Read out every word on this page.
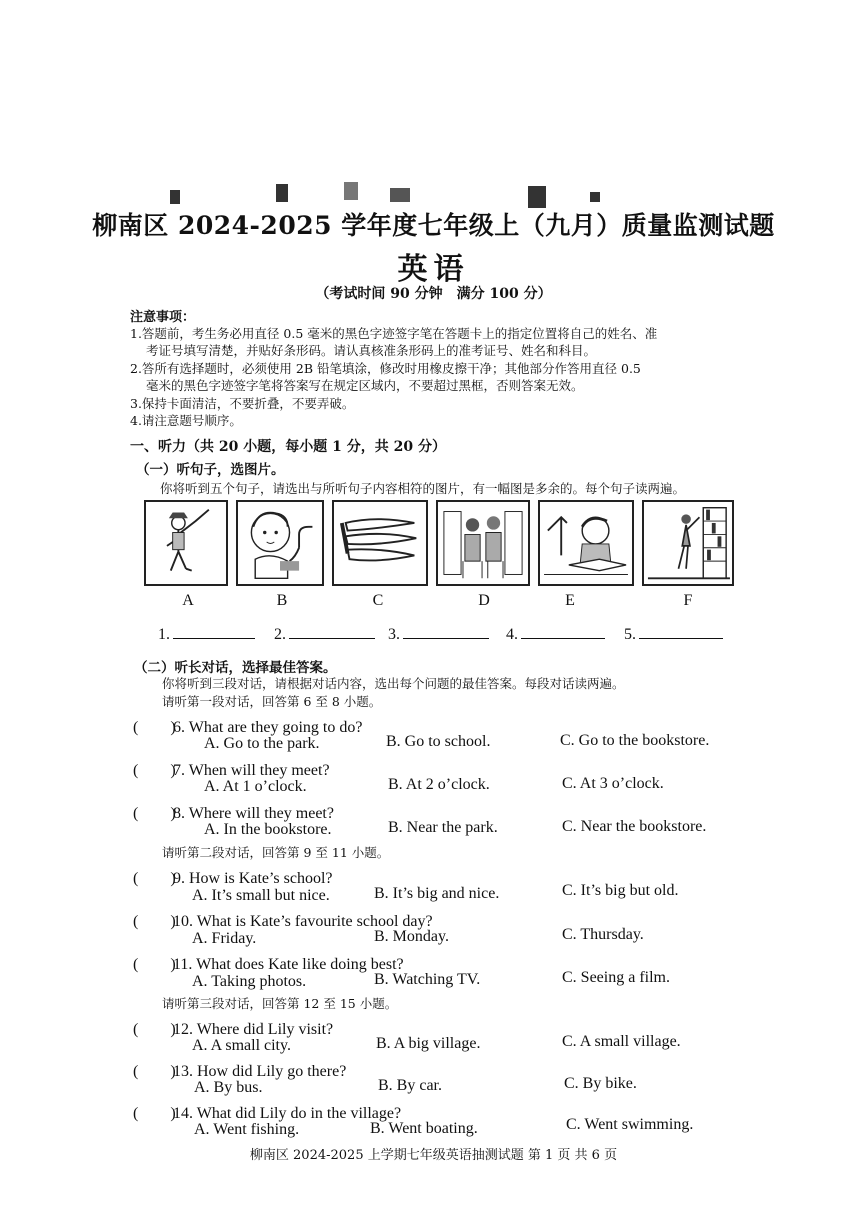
柳南区 2024-2025 学年度七年级上（九月）质量监测试题
英语
（考试时间 90 分钟　满分 100 分）
注意事项：
1.答题前，考生务必用直径 0.5 毫米的黑色字迹签字笔在答题卡上的指定位置将自己的姓名、准
考证号填写清楚，并贴好条形码。请认真核准条形码上的准考证号、姓名和科目。
2.答所有选择题时，必须使用 2B 铅笔填涂，修改时用橡皮擦干净；其他部分作答用直径 0.5
毫米的黑色字迹签字笔将答案写在规定区域内，不要超过黑框，否则答案无效。
3.保持卡面清洁，不要折叠，不要弄破。
4.请注意题号顺序。
一、听力（共 20 小题，每小题 1 分，共 20 分）
（一）听句子，选图片。
你将听到五个句子，请选出与所听句子内容相符的图片，有一幅图是多余的。每个句子读两遍。
A	B	C	D	E	F
1.	2.	3.	4.	5.
（二）听长对话，选择最佳答案。
你将听到三段对话，请根据对话内容，选出每个问题的最佳答案。每段对话读两遍。
请听第一段对话，回答第 6 至 8 小题。
(　　)6. What are they going to do?
A. Go to the park.	B. Go to school.	C. Go to the bookstore.
(　　)7. When will they meet?
A. At 1 o’clock.	B. At 2 o’clock.	C. At 3 o’clock.
(　　)8. Where will they meet?
A. In the bookstore.	B. Near the park.	C. Near the bookstore.
请听第二段对话，回答第 9 至 11 小题。
(　　)9. How is Kate’s school?
A. It’s small but nice.	B. It’s big and nice.	C. It’s big but old.
(　　)10. What is Kate’s favourite school day?
A. Friday.	B. Monday.	C. Thursday.
(　　)11. What does Kate like doing best?
A. Taking photos.	B. Watching TV.	C. Seeing a film.
请听第三段对话，回答第 12 至 15 小题。
(　　)12. Where did Lily visit?
A. A small city.	B. A big village.	C. A small village.
(　　)13. How did Lily go there?
A. By bus.	B. By car.	C. By bike.
(　　)14. What did Lily do in the village?
A. Went fishing.	B. Went boating.	C. Went swimming.
柳南区 2024-2025 上学期七年级英语抽测试题 第 1 页 共 6 页
